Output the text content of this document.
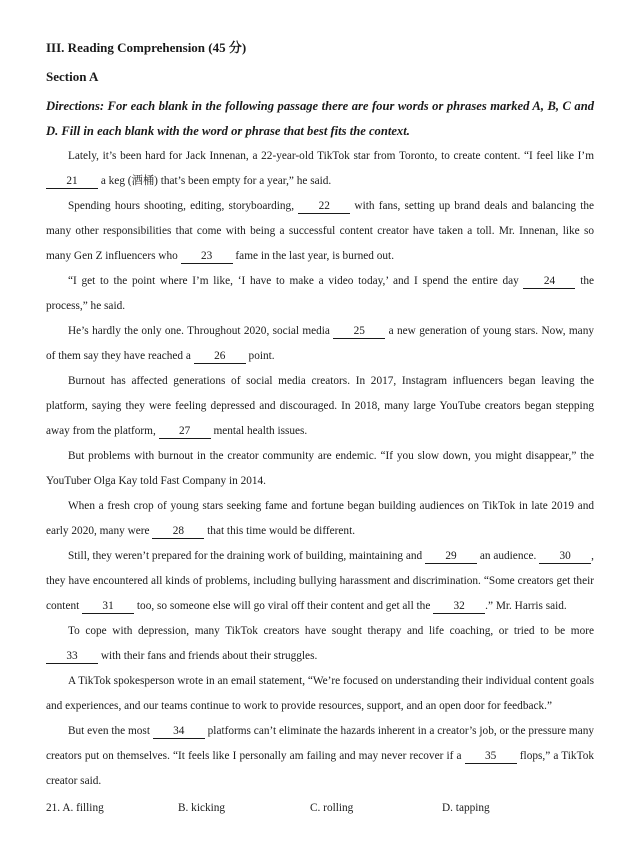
III. Reading Comprehension (45 分)
Section A
Directions: For each blank in the following passage there are four words or phrases marked A, B, C and D. Fill in each blank with the word or phrase that best fits the context.

Lately, it’s been hard for Jack Innenan, a 22-year-old TikTok star from Toronto, to create content. “I feel like I’m 21 a keg (酒桶) that’s been empty for a year,” he said.

Spending hours shooting, editing, storyboarding, 22 with fans, setting up brand deals and balancing the many other responsibilities that come with being a successful content creator have taken a toll. Mr. Innenan, like so many Gen Z influencers who 23 fame in the last year, is burned out.

“I get to the point where I’m like, ‘I have to make a video today,’ and I spend the entire day 24 the process,” he said.

He’s hardly the only one. Throughout 2020, social media 25 a new generation of young stars. Now, many of them say they have reached a 26 point.

Burnout has affected generations of social media creators. In 2017, Instagram influencers began leaving the platform, saying they were feeling depressed and discouraged. In 2018, many large YouTube creators began stepping away from the platform, 27 mental health issues.

But problems with burnout in the creator community are endemic. “If you slow down, you might disappear,” the YouTuber Olga Kay told Fast Company in 2014.

When a fresh crop of young stars seeking fame and fortune began building audiences on TikTok in late 2019 and early 2020, many were 28 that this time would be different.

Still, they weren’t prepared for the draining work of building, maintaining and 29 an audience. 30 , they have encountered all kinds of problems, including bullying harassment and discrimination. “Some creators get their content 31 too, so someone else will go viral off their content and get all the 32 .” Mr. Harris said.

To cope with depression, many TikTok creators have sought therapy and life coaching, or tried to be more 33 with their fans and friends about their struggles.

A TikTok spokesperson wrote in an email statement, “We’re focused on understanding their individual content goals and experiences, and our teams continue to work to provide resources, support, and an open door for feedback.”

But even the most 34 platforms can’t eliminate the hazards inherent in a creator’s job, or the pressure many creators put on themselves. “It feels like I personally am failing and may never recover if a 35 flops,” a TikTok creator said.

21. A. filling	B. kicking	C. rolling	D. tapping
